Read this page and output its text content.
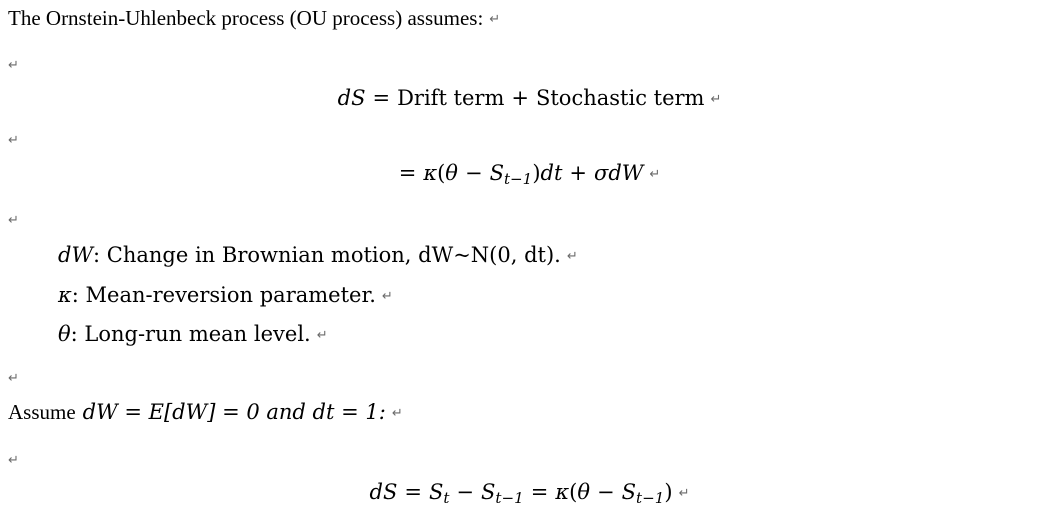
The Ornstein-Uhlenbeck process (OU process) assumes: ↵
↵
dS = Drift term + Stochastic term ↵
↵
= $\kappa(\theta - S_{t-1})dt + \sigma dW$ ↵
↵
dW: Change in Brownian motion, dW~N(0, dt). ↵
κ: Mean-reversion parameter. ↵
θ: Long-run mean level. ↵
↵
Assume dW = E[dW] = 0 and dt = 1: ↵
↵
dS = $S_t - S_{t-1} = \kappa(\theta - S_{t-1})$ ↵
